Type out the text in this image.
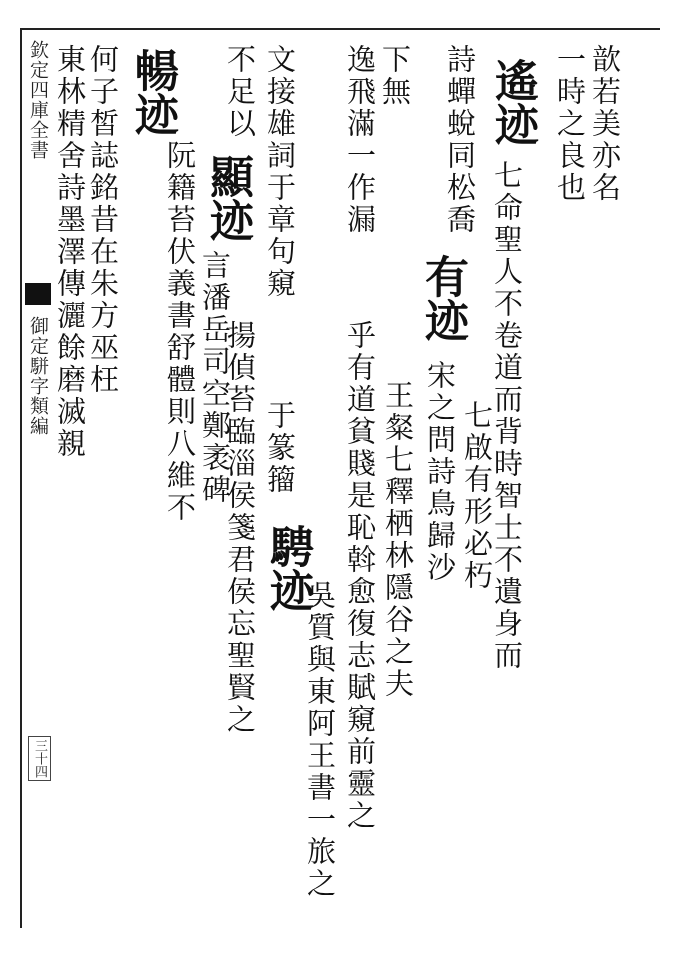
欽定四庫全書
御定駢字類編
三十四
歆若美亦名
一時之良也
遙迹
七命聖人不卷道而背時智士不遺身而
詩蟬蛻同松喬
有迹
七啟有形必朽
宋之問詩鳥歸沙
下無
逸飛滿一作漏
王粲七釋栖林隱谷之夫
乎有道貧賤是恥斡愈復志賦窺前靈之
文接雄詞于章句窺
于篆籀
騁迹
吳質與東阿王書一旅之
不足以
顯迹
言潘岳司空鄭袤碑
揚偵苔臨淄侯箋君侯忘聖賢之
暢迹
阮籍苔伏義書舒體則八維不
何子皙誌銘昔在朱方巫枉
東林精舍詩墨澤傳灑餘磨滅親
